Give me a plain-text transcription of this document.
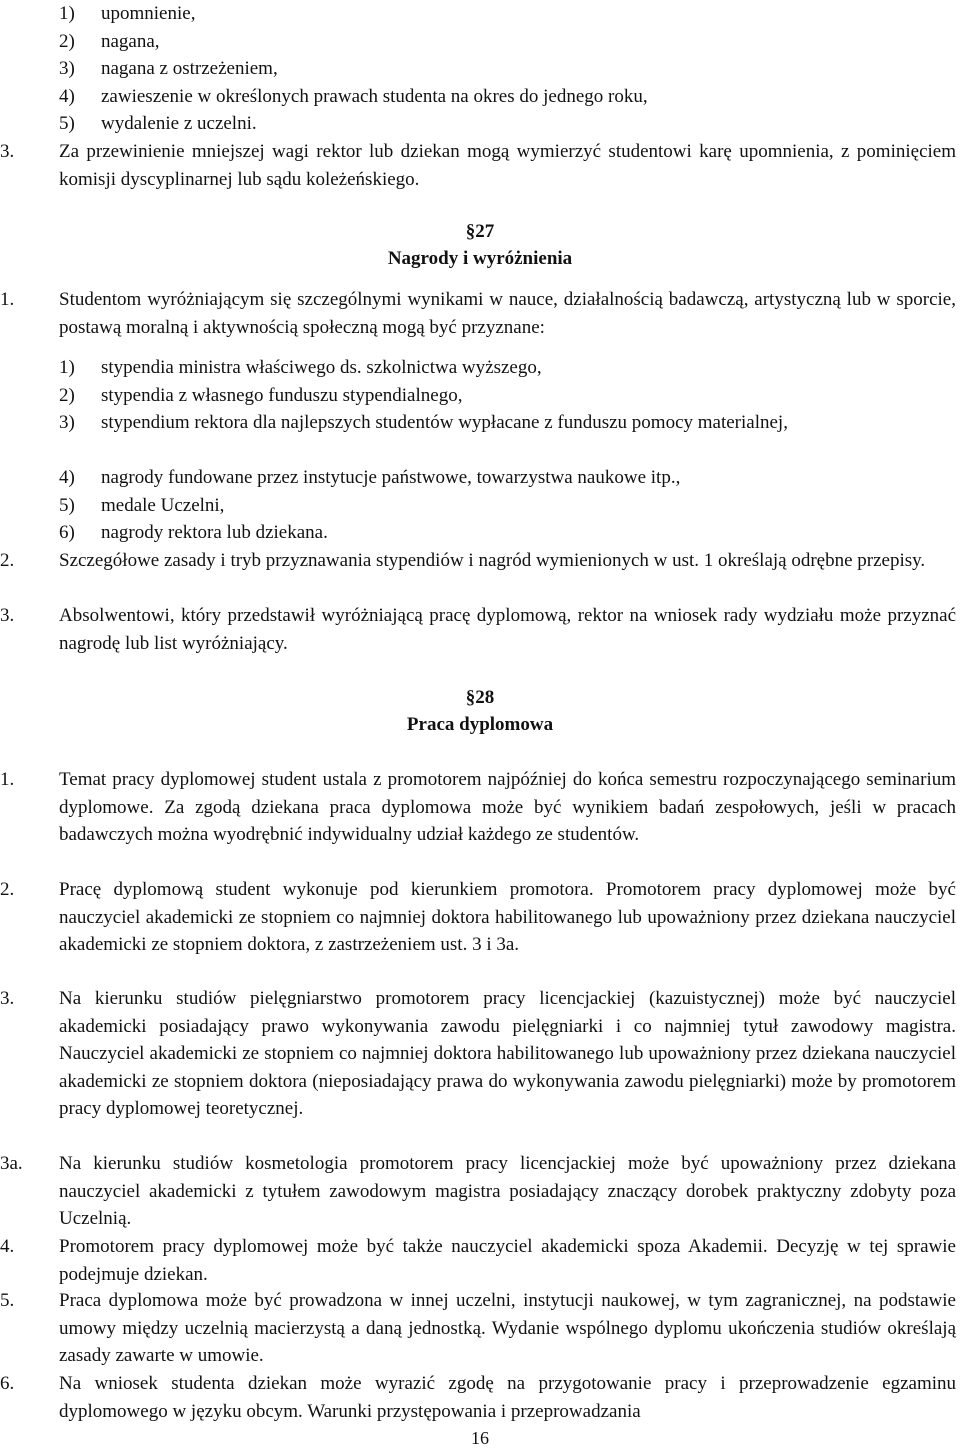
1) upomnienie,
2) nagana,
3) nagana z ostrzeżeniem,
4) zawieszenie w określonych prawach studenta na okres do jednego roku,
5) wydalenie z uczelni.
3. Za przewinienie mniejszej wagi rektor lub dziekan mogą wymierzyć studentowi karę upomnienia, z pominięciem komisji dyscyplinarnej lub sądu koleżeńskiego.
§27
Nagrody i wyróżnienia
1. Studentom wyróżniającym się szczególnymi wynikami w nauce, działalnością badawczą, artystyczną lub w sporcie, postawą moralną i aktywnością społeczną mogą być przyznane:
1) stypendia ministra właściwego ds. szkolnictwa wyższego,
2) stypendia z własnego funduszu stypendialnego,
3) stypendium rektora dla najlepszych studentów wypłacane z funduszu pomocy materialnej,
4) nagrody fundowane przez instytucje państwowe, towarzystwa naukowe itp.,
5) medale Uczelni,
6) nagrody rektora lub dziekana.
2. Szczegółowe zasady i tryb przyznawania stypendiów i nagród wymienionych w ust. 1 określają odrębne przepisy.
3. Absolwentowi, który przedstawił wyróżniającą pracę dyplomową, rektor na wniosek rady wydziału może przyznać nagrodę lub list wyróżniający.
§28
Praca dyplomowa
1. Temat pracy dyplomowej student ustala z promotorem najpóźniej do końca semestru rozpoczynającego seminarium dyplomowe. Za zgodą dziekana praca dyplomowa może być wynikiem badań zespołowych, jeśli w pracach badawczych można wyodrębnić indywidualny udział każdego ze studentów.
2. Pracę dyplomową student wykonuje pod kierunkiem promotora. Promotorem pracy dyplomowej może być nauczyciel akademicki ze stopniem co najmniej doktora habilitowanego lub upoważniony przez dziekana nauczyciel akademicki ze stopniem doktora, z zastrzeżeniem ust. 3 i 3a.
3. Na kierunku studiów pielęgniarstwo promotorem pracy licencjackiej (kazuistycznej) może być nauczyciel akademicki posiadający prawo wykonywania zawodu pielęgniarki i co najmniej tytuł zawodowy magistra. Nauczyciel akademicki ze stopniem co najmniej doktora habilitowanego lub upoważniony przez dziekana nauczyciel akademicki ze stopniem doktora (nieposiadający prawa do wykonywania zawodu pielęgniarki) może by promotorem pracy dyplomowej teoretycznej.
3a. Na kierunku studiów kosmetologia promotorem pracy licencjackiej może być upoważniony przez dziekana nauczyciel akademicki z tytułem zawodowym magistra posiadający znaczący dorobek praktyczny zdobyty poza Uczelnią.
4. Promotorem pracy dyplomowej może być także nauczyciel akademicki spoza Akademii. Decyzję w tej sprawie podejmuje dziekan.
5. Praca dyplomowa może być prowadzona w innej uczelni, instytucji naukowej, w tym zagranicznej, na podstawie umowy między uczelnią macierzystą a daną jednostką. Wydanie wspólnego dyplomu ukończenia studiów określają zasady zawarte w umowie.
6. Na wniosek studenta dziekan może wyrazić zgodę na przygotowanie pracy i przeprowadzenie egzaminu dyplomowego w języku obcym. Warunki przystępowania i przeprowadzania
16
